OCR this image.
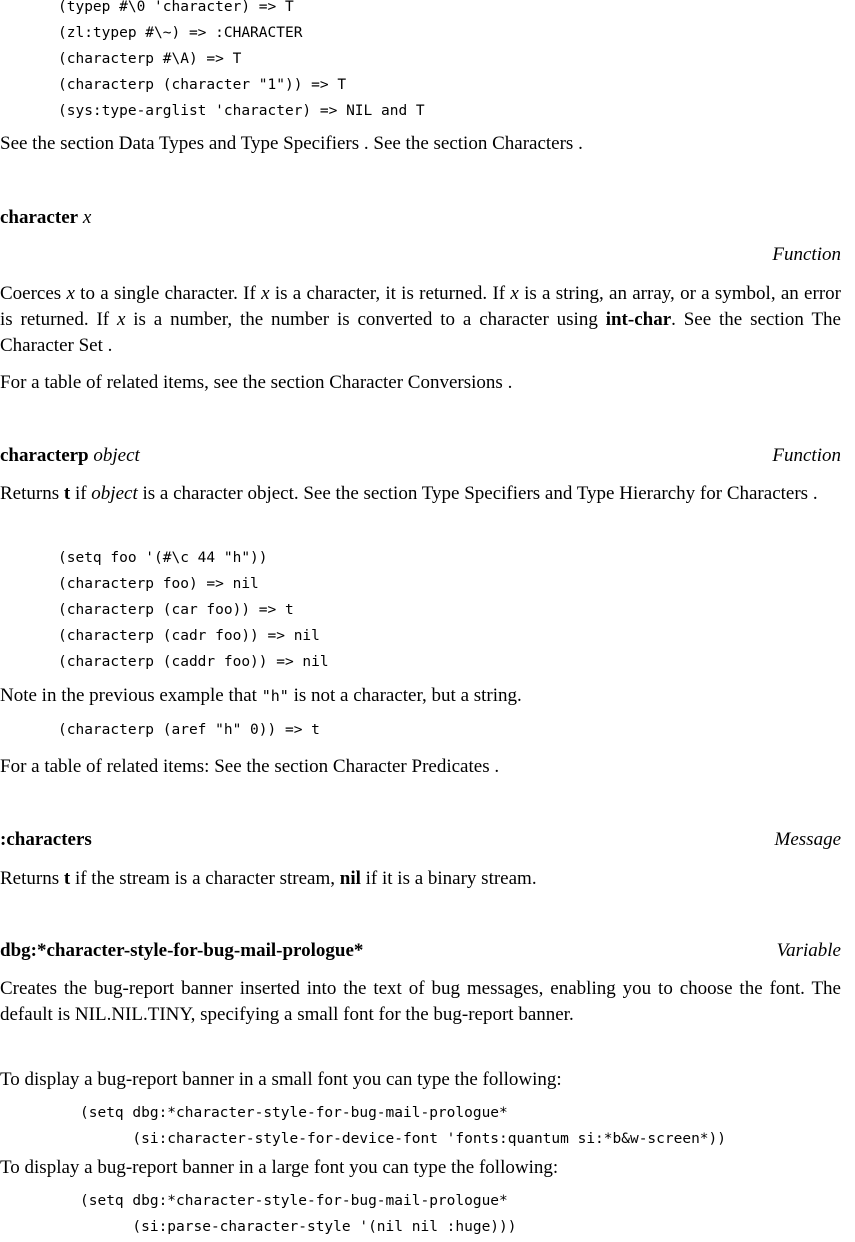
(typep #\0 'character) => T
(zl:typep #\~) => :CHARACTER
(characterp #\A) => T
(characterp (character "1")) => T
(sys:type-arglist 'character) => NIL and T

See the section Data Types and Type Specifiers . See the section Characters .

character x
Function

Coerces x to a single character. If x is a character, it is returned. If x is a string, an array, or a symbol, an error is returned. If x is a number, the number is converted to a character using int-char. See the section The Character Set .

For a table of related items, see the section Character Conversions .

characterp object	Function

Returns t if object is a character object. See the section Type Specifiers and Type Hierarchy for Characters .

(setq foo '(#\c 44 "h"))
(characterp foo) => nil
(characterp (car foo)) => t
(characterp (cadr foo)) => nil
(characterp (caddr foo)) => nil

Note in the previous example that "h" is not a character, but a string.

(characterp (aref "h" 0)) => t

For a table of related items: See the section Character Predicates .

:characters	Message

Returns t if the stream is a character stream, nil if it is a binary stream.

dbg:*character-style-for-bug-mail-prologue*	Variable

Creates the bug-report banner inserted into the text of bug messages, enabling you to choose the font. The default is NIL.NIL.TINY, specifying a small font for the bug-report banner.

To display a bug-report banner in a small font you can type the following:

(setq dbg:*character-style-for-bug-mail-prologue*
(si:character-style-for-device-font 'fonts:quantum si:*b&w-screen*))

To display a bug-report banner in a large font you can type the following:

(setq dbg:*character-style-for-bug-mail-prologue*
(si:parse-character-style '(nil nil :huge)))
